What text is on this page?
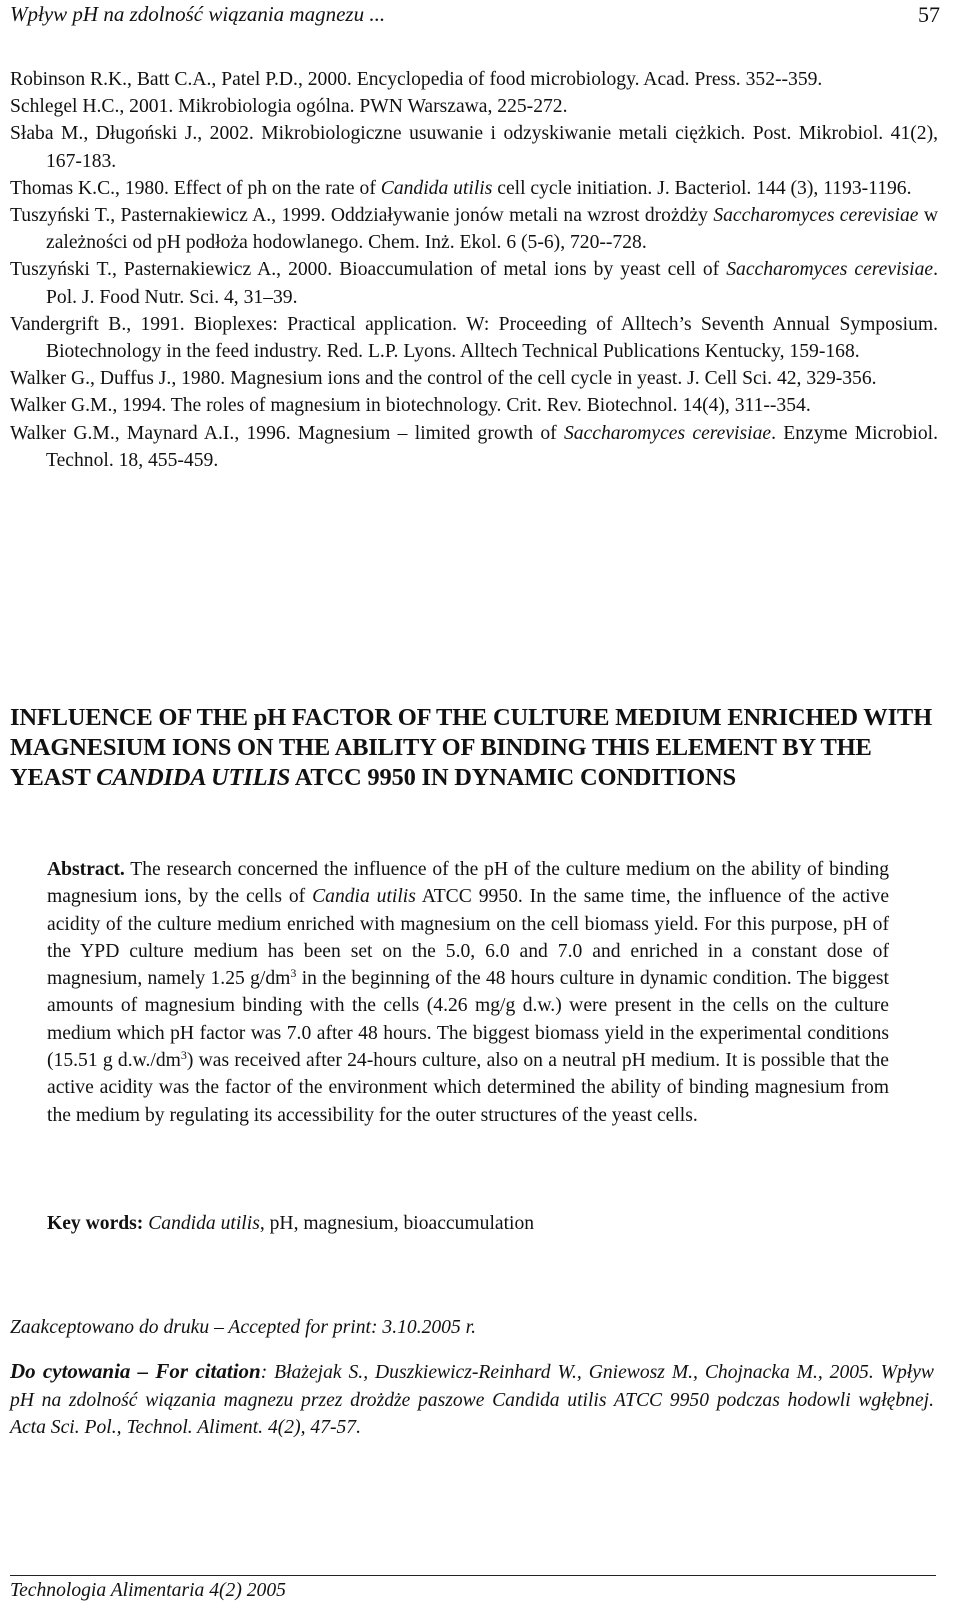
Wpływ pH na zdolność wiązania magnezu ...	57
Robinson R.K., Batt C.A., Patel P.D., 2000. Encyclopedia of food microbiology. Acad. Press. 352--359.
Schlegel H.C., 2001. Mikrobiologia ogólna. PWN Warszawa, 225-272.
Słaba M., Długoński J., 2002. Mikrobiologiczne usuwanie i odzyskiwanie metali ciężkich. Post. Mikrobiol. 41(2), 167-183.
Thomas K.C., 1980. Effect of ph on the rate of Candida utilis cell cycle initiation. J. Bacteriol. 144 (3), 1193-1196.
Tuszyński T., Pasternakiewicz A., 1999. Oddziaływanie jonów metali na wzrost drożdży Saccharomyces cerevisiae w zależności od pH podłoża hodowlanego. Chem. Inż. Ekol. 6 (5-6), 720--728.
Tuszyński T., Pasternakiewicz A., 2000. Bioaccumulation of metal ions by yeast cell of Saccharomyces cerevisiae. Pol. J. Food Nutr. Sci. 4, 31–39.
Vandergrift B., 1991. Bioplexes: Practical application. W: Proceeding of Alltech’s Seventh Annual Symposium. Biotechnology in the feed industry. Red. L.P. Lyons. Alltech Technical Publications Kentucky, 159-168.
Walker G., Duffus J., 1980. Magnesium ions and the control of the cell cycle in yeast. J. Cell Sci. 42, 329-356.
Walker G.M., 1994. The roles of magnesium in biotechnology. Crit. Rev. Biotechnol. 14(4), 311--354.
Walker G.M., Maynard A.I., 1996. Magnesium – limited growth of Saccharomyces cerevisiae. Enzyme Microbiol. Technol. 18, 455-459.
INFLUENCE OF THE pH FACTOR OF THE CULTURE MEDIUM ENRICHED WITH MAGNESIUM IONS ON THE ABILITY OF BINDING THIS ELEMENT BY THE YEAST CANDIDA UTILIS ATCC 9950 IN DYNAMIC CONDITIONS
Abstract. The research concerned the influence of the pH of the culture medium on the ability of binding magnesium ions, by the cells of Candia utilis ATCC 9950. In the same time, the influence of the active acidity of the culture medium enriched with magnesium on the cell biomass yield. For this purpose, pH of the YPD culture medium has been set on the 5.0, 6.0 and 7.0 and enriched in a constant dose of magnesium, namely 1.25 $g/dm^3$ in the beginning of the 48 hours culture in dynamic condition. The biggest amounts of magnesium binding with the cells (4.26 mg/g d.w.) were present in the cells on the culture medium which pH factor was 7.0 after 48 hours. The biggest biomass yield in the experimental conditions (15.51 g $d.w./dm^3$) was received after 24-hours culture, also on a neutral pH medium. It is possible that the active acidity was the factor of the environment which determined the ability of binding magnesium from the medium by regulating its accessibility for the outer structures of the yeast cells.
Key words: Candida utilis, pH, magnesium, bioaccumulation
Zaakceptowano do druku – Accepted for print: 3.10.2005 r.
Do cytowania – For citation: Błażejak S., Duszkiewicz-Reinhard W., Gniewosz M., Chojnacka M., 2005. Wpływ pH na zdolność wiązania magnezu przez drożdże paszowe Candida utilis ATCC 9950 podczas hodowli wgłębnej. Acta Sci. Pol., Technol. Aliment. 4(2), 47-57.
Technologia Alimentaria 4(2) 2005
